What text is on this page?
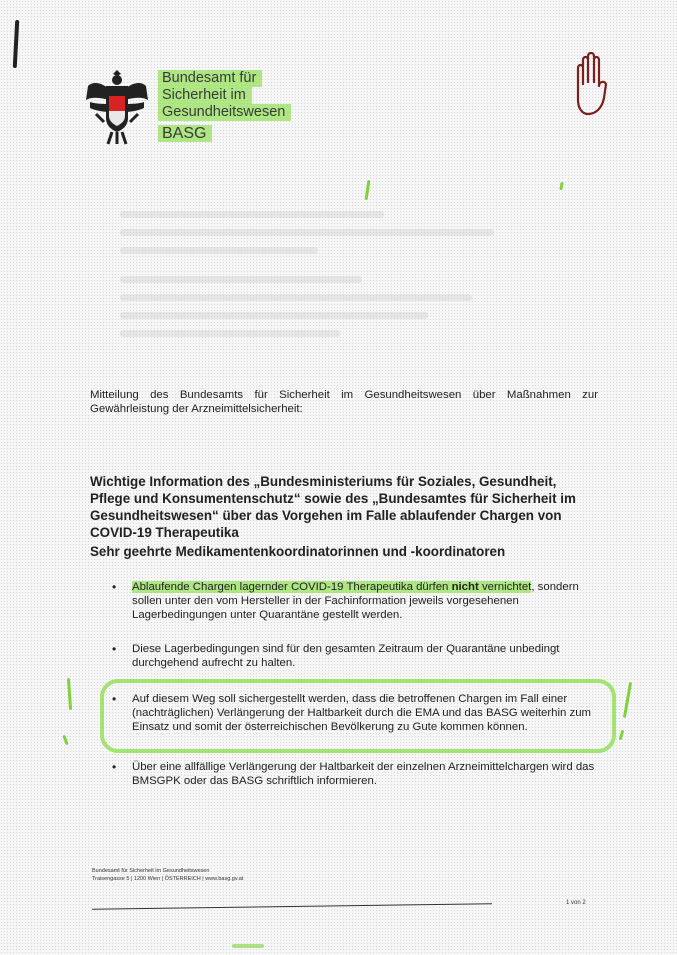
Bundesamt für
Sicherheit im
Gesundheitswesen
BASG

Mitteilung des Bundesamts für Sicherheit im Gesundheitswesen über Maßnahmen zur Gewährleistung der Arzneimittelsicherheit:

Wichtige Information des „Bundesministeriums für Soziales, Gesundheit, Pflege und Konsumentenschutz“ sowie des „Bundesamtes für Sicherheit im Gesundheitswesen“ über das Vorgehen im Falle ablaufender Chargen von COVID-19 Therapeutika

Sehr geehrte Medikamentenkoordinatorinnen und -koordinatoren
• Ablaufende Chargen lagernder COVID-19 Therapeutika dürfen nicht vernichtet, sondern sollen unter den vom Hersteller in der Fachinformation jeweils vorgesehenen Lagerbedingungen unter Quarantäne gestellt werden.
• Diese Lagerbedingungen sind für den gesamten Zeitraum der Quarantäne unbedingt durchgehend aufrecht zu halten.
• Auf diesem Weg soll sichergestellt werden, dass die betroffenen Chargen im Fall einer (nachträglichen) Verlängerung der Haltbarkeit durch die EMA und das BASG weiterhin zum Einsatz und somit der österreichischen Bevölkerung zu Gute kommen können.
• Über eine allfällige Verlängerung der Haltbarkeit der einzelnen Arzneimittelchargen wird das BMSGPK oder das BASG schriftlich informieren.
Bundesamt für Sicherheit im Gesundheitswesen
Traisengasse 5 | 1200 Wien | ÖSTERREICH | www.basg.gv.at
1 von 2
